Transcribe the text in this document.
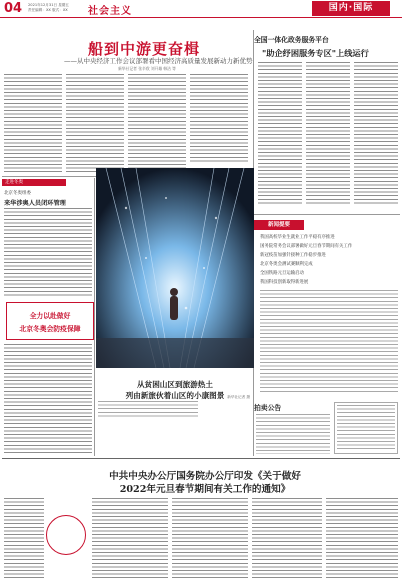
04 2021年12月31日 星期五
责任编辑：XX 版式：XX 社会主义	国内·国际
船到中游更奋楫
——从中央经济工作会议部署看中国经济高质量发展新动力新优势
新华社记者 张辛欣 刘开雄 韩洁 等
全国一体化政务服务平台
"助企纾困服务专区"上线运行
走进冬奥
北京冬奥组委
来华涉奥人员闭环管理
全力以赴做好
北京冬奥会防疫保障
从贫困山区到旅游热土
列由新旅伙着山区的小康图景 新华社记者 摄
新闻提要
我国高校毕业生就业工作平稳有序推进
国务院常务会议部署做好元旦春节期间有关工作
新冠疫苗加强针接种工作稳步推进
北京冬奥会测试赛顺利完成
全国铁路元旦运输启动
我国科技创新取得新进展
拍卖公告
中共中央办公厅国务院办公厅印发《关于做好
2022年元旦春节期间有关工作的通知》
